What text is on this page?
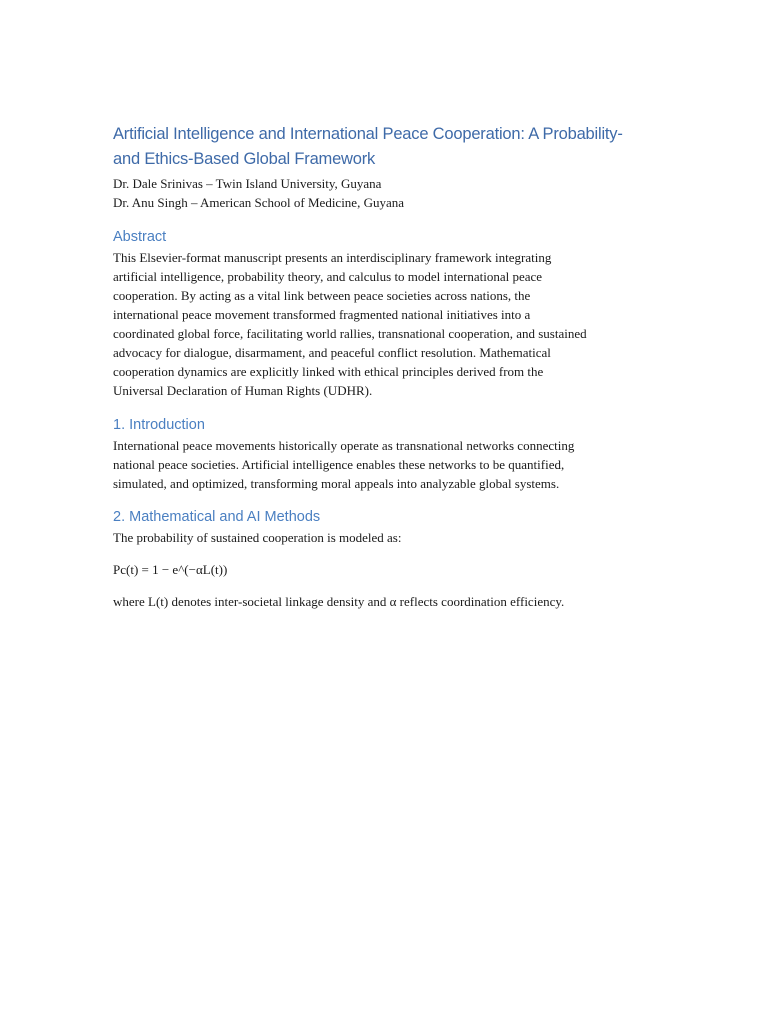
Artificial Intelligence and International Peace Cooperation: A Probability-
and Ethics-Based Global Framework
Dr. Dale Srinivas – Twin Island University, Guyana
Dr. Anu Singh – American School of Medicine, Guyana
Abstract

This Elsevier-format manuscript presents an interdisciplinary framework integrating
artificial intelligence, probability theory, and calculus to model international peace
cooperation. By acting as a vital link between peace societies across nations, the
international peace movement transformed fragmented national initiatives into a
coordinated global force, facilitating world rallies, transnational cooperation, and sustained
advocacy for dialogue, disarmament, and peaceful conflict resolution. Mathematical
cooperation dynamics are explicitly linked with ethical principles derived from the
Universal Declaration of Human Rights (UDHR).

1. Introduction

International peace movements historically operate as transnational networks connecting
national peace societies. Artificial intelligence enables these networks to be quantified,
simulated, and optimized, transforming moral appeals into analyzable global systems.

2. Mathematical and AI Methods

The probability of sustained cooperation is modeled as:

Pc(t) = 1 − e^(−αL(t))

where L(t) denotes inter-societal linkage density and α reflects coordination efficiency.
